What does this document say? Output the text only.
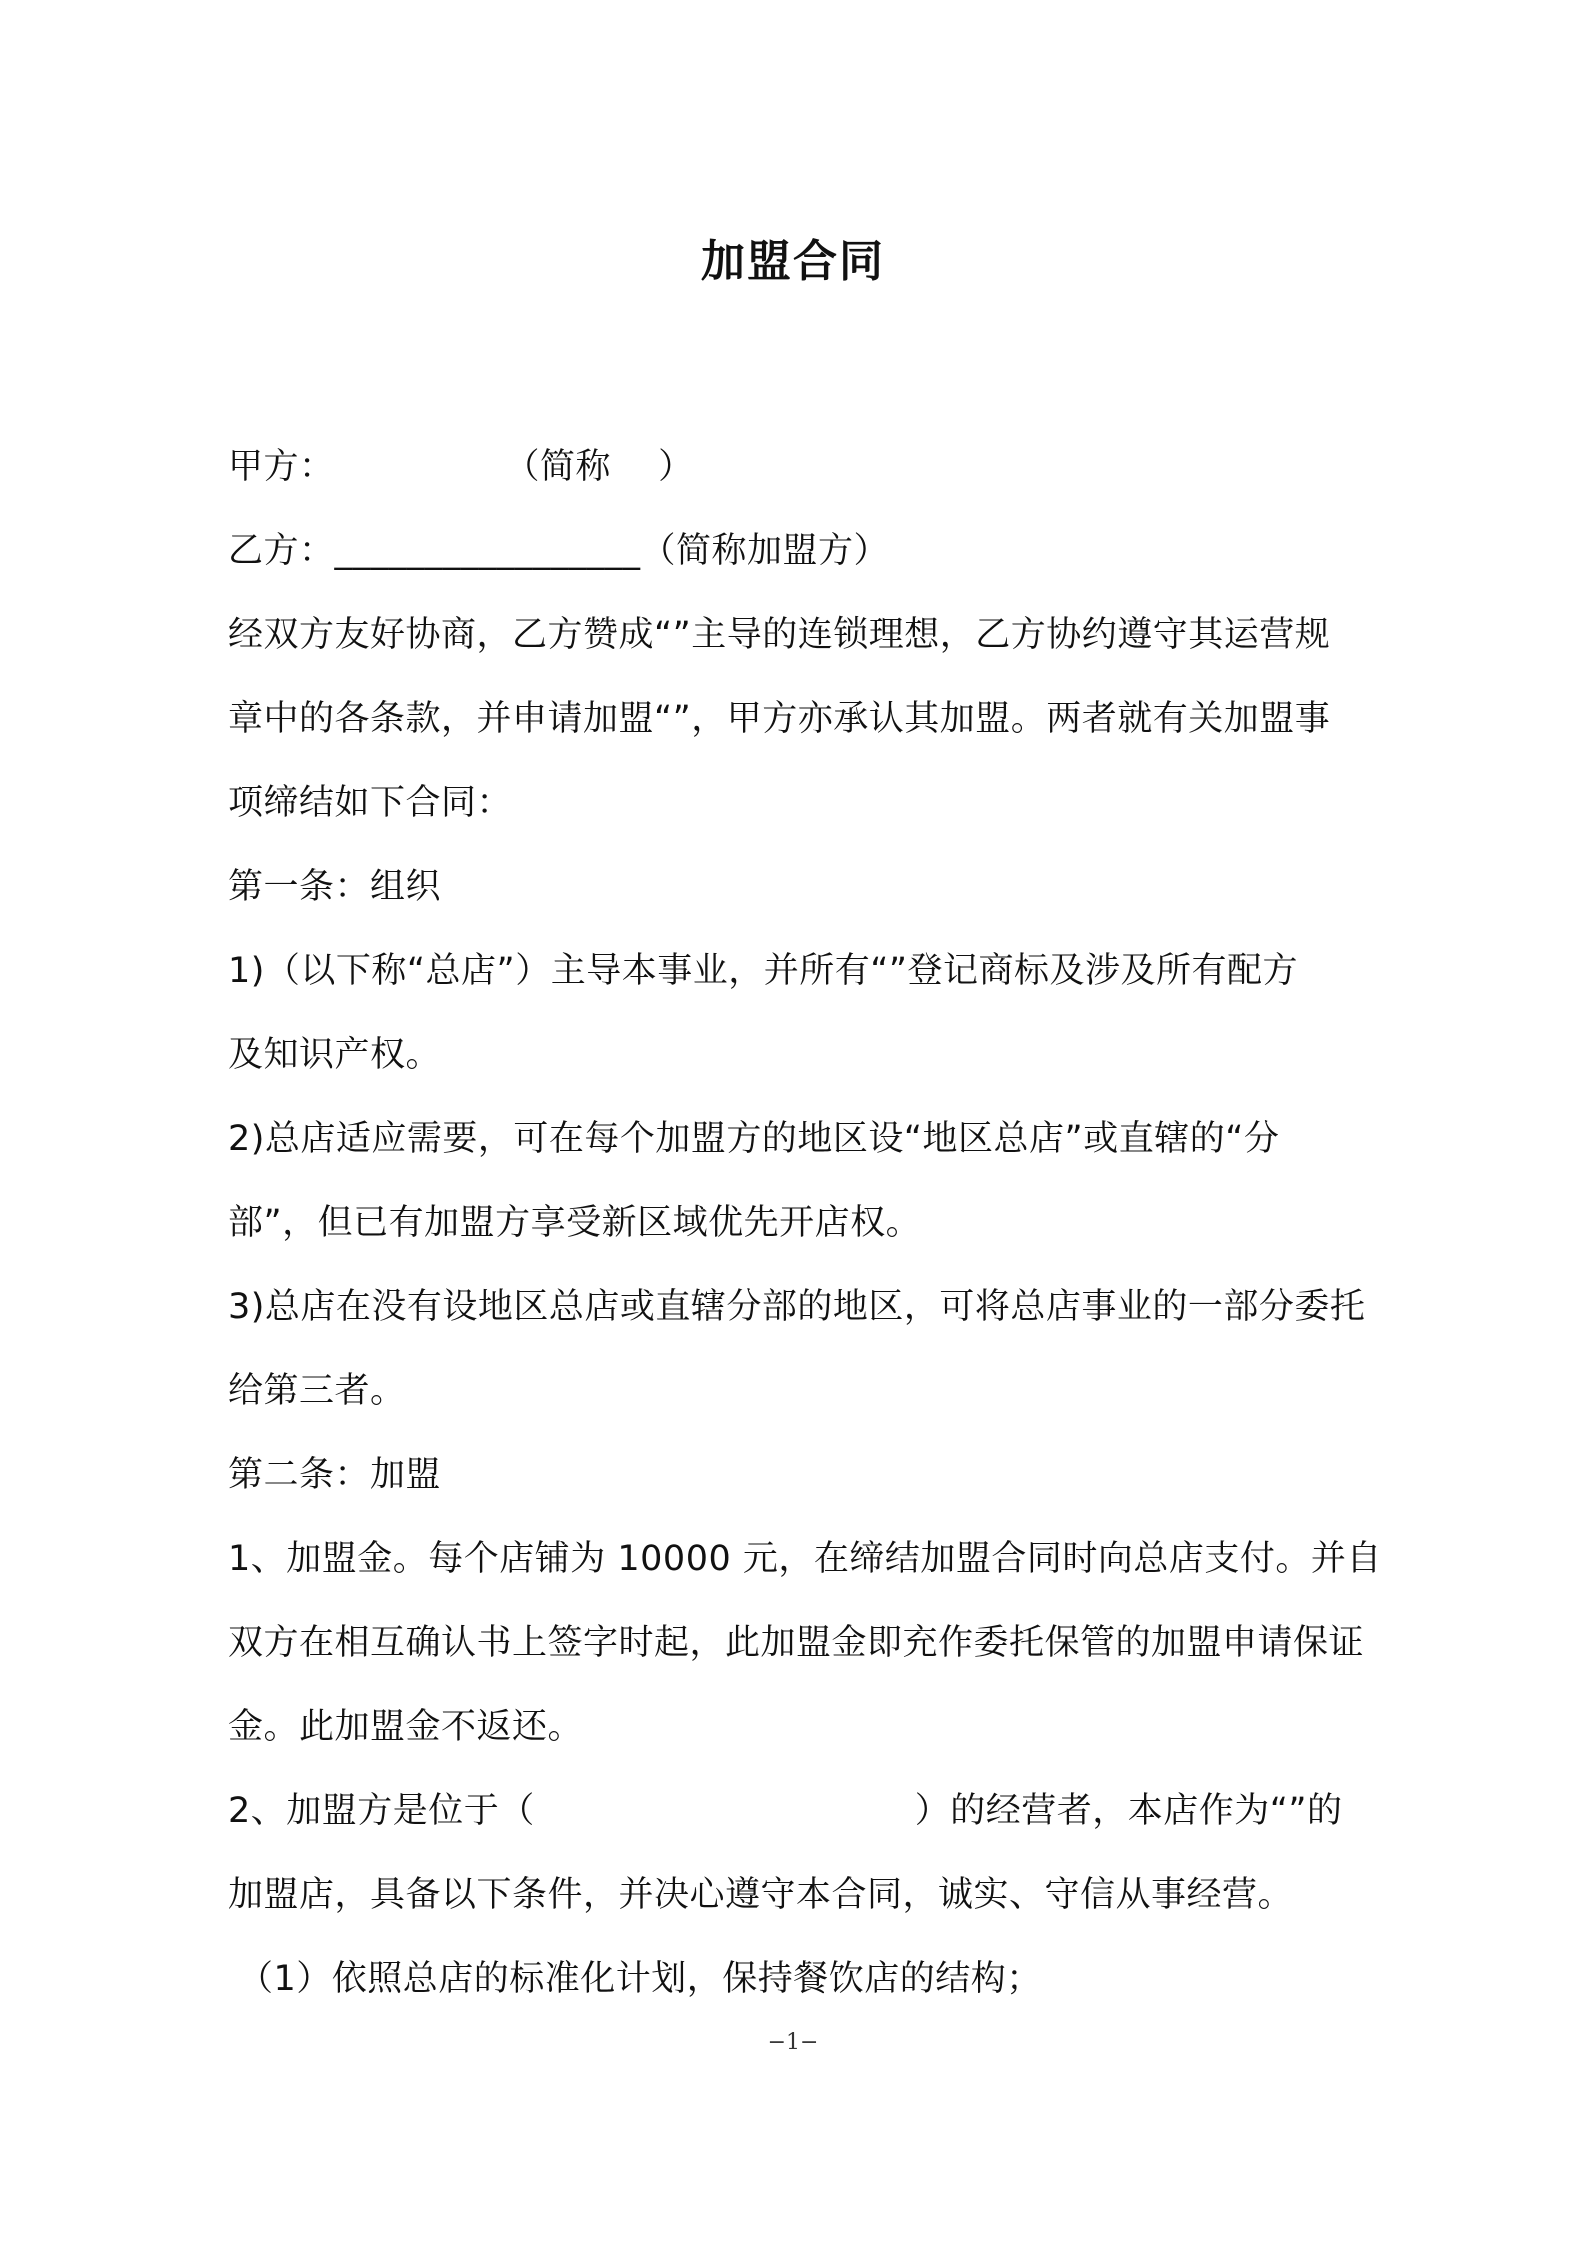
加盟合同
甲方：	（简称　 ）
乙方：_________________（简称加盟方）
经双方友好协商，乙方赞成“”主导的连锁理想，乙方协约遵守其运营规
章中的各条款，并申请加盟“”，甲方亦承认其加盟。两者就有关加盟事
项缔结如下合同：
第一条：组织
1)（以下称“总店”）主导本事业，并所有“”登记商标及涉及所有配方
及知识产权。
2)总店适应需要，可在每个加盟方的地区设“地区总店”或直辖的“分
部”，但已有加盟方享受新区域优先开店权。
3)总店在没有设地区总店或直辖分部的地区，可将总店事业的一部分委托
给第三者。
第二条：加盟
1、加盟金。每个店铺为 10000 元，在缔结加盟合同时向总店支付。并自
双方在相互确认书上签字时起，此加盟金即充作委托保管的加盟申请保证
金。此加盟金不返还。
2、加盟方是位于（	）的经营者，本店作为“”的
加盟店，具备以下条件，并决心遵守本合同，诚实、守信从事经营。
（1）依照总店的标准化计划，保持餐饮店的结构；
−1−
